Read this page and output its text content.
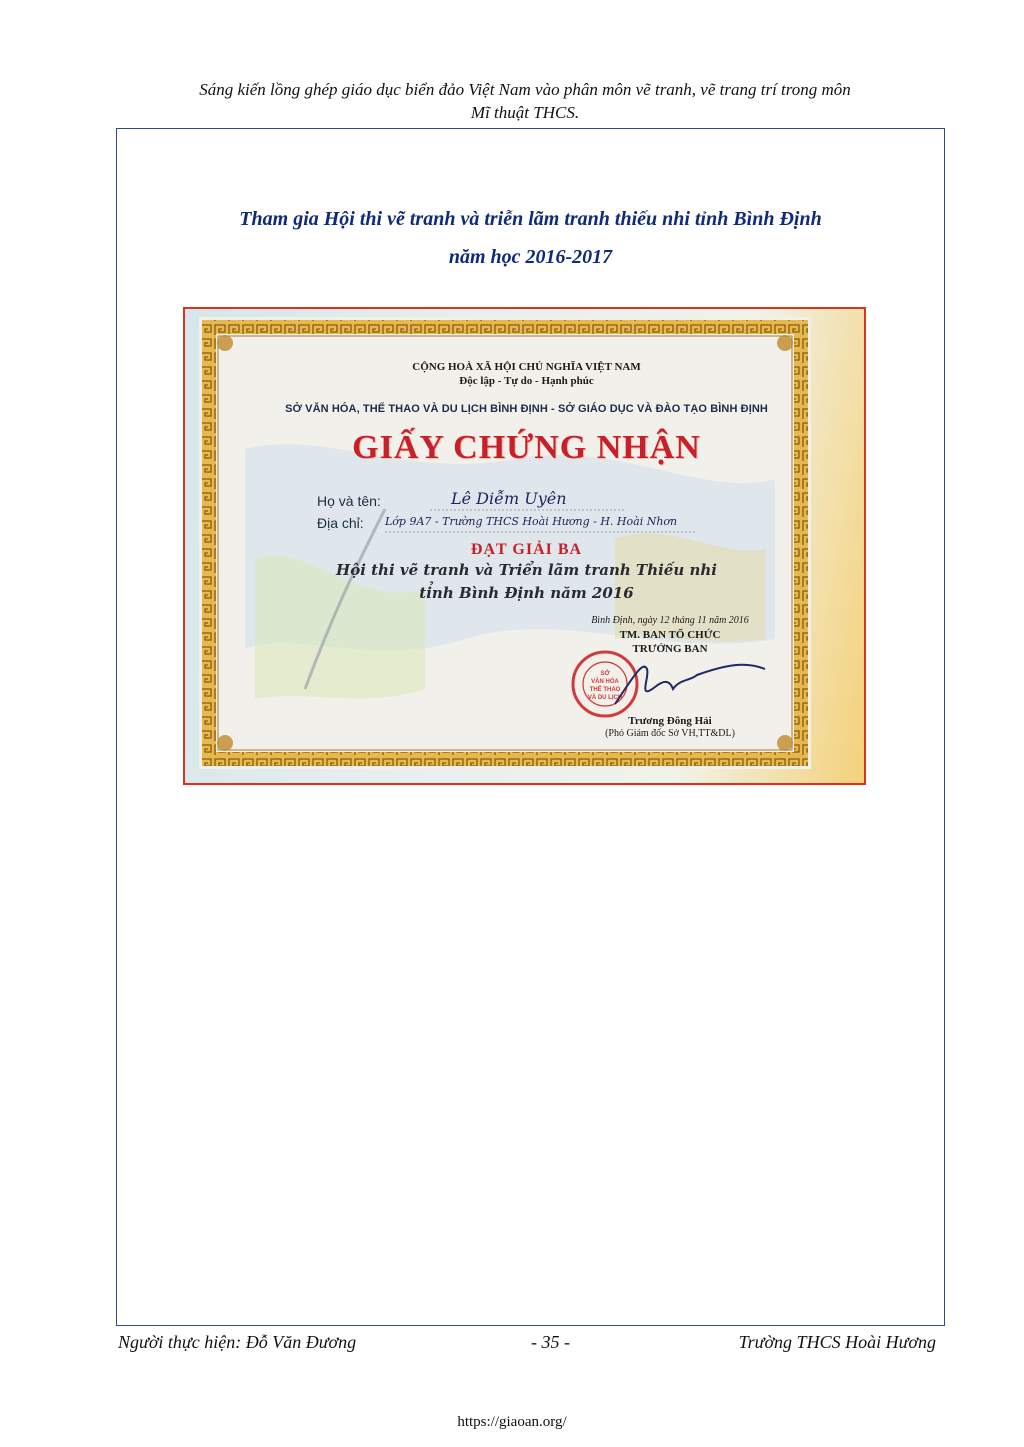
Sáng kiến lồng ghép giáo dục biển đảo Việt Nam vào phân môn vẽ tranh, vẽ trang trí trong môn
Mĩ thuật THCS.
Tham gia Hội thi vẽ tranh và triễn lãm tranh thiếu nhi tỉnh Bình Định
năm học 2016-2017
SỞ
VĂN HÓA
THỂ THAO
VÀ DU LỊCH
CỘNG HOÀ XÃ HỘI CHỦ NGHĨA VIỆT NAM
Độc lập - Tự do - Hạnh phúc
SỞ VĂN HÓA, THỂ THAO VÀ DU LỊCH BÌNH ĐỊNH - SỞ GIÁO DỤC VÀ ĐÀO TẠO BÌNH ĐỊNH
GIẤY CHỨNG NHẬN
Họ và tên:	Lê Diễm Uyên
Địa chỉ: Lớp 9A7 - Trường THCS Hoài Hương - H. Hoài Nhơn
ĐẠT GIẢI BA
Hội thi vẽ tranh và Triển lãm tranh Thiếu nhi
tỉnh Bình Định năm 2016
Bình Định, ngày 12 tháng 11 năm 2016
TM. BAN TỔ CHỨC
TRƯỞNG BAN
Trương Đông Hải
(Phó Giám đốc Sở VH,TT&DL)
Người thực hiện: Đỗ Văn Đương	- 35 -	Trường THCS Hoài Hương
https://giaoan.org/
